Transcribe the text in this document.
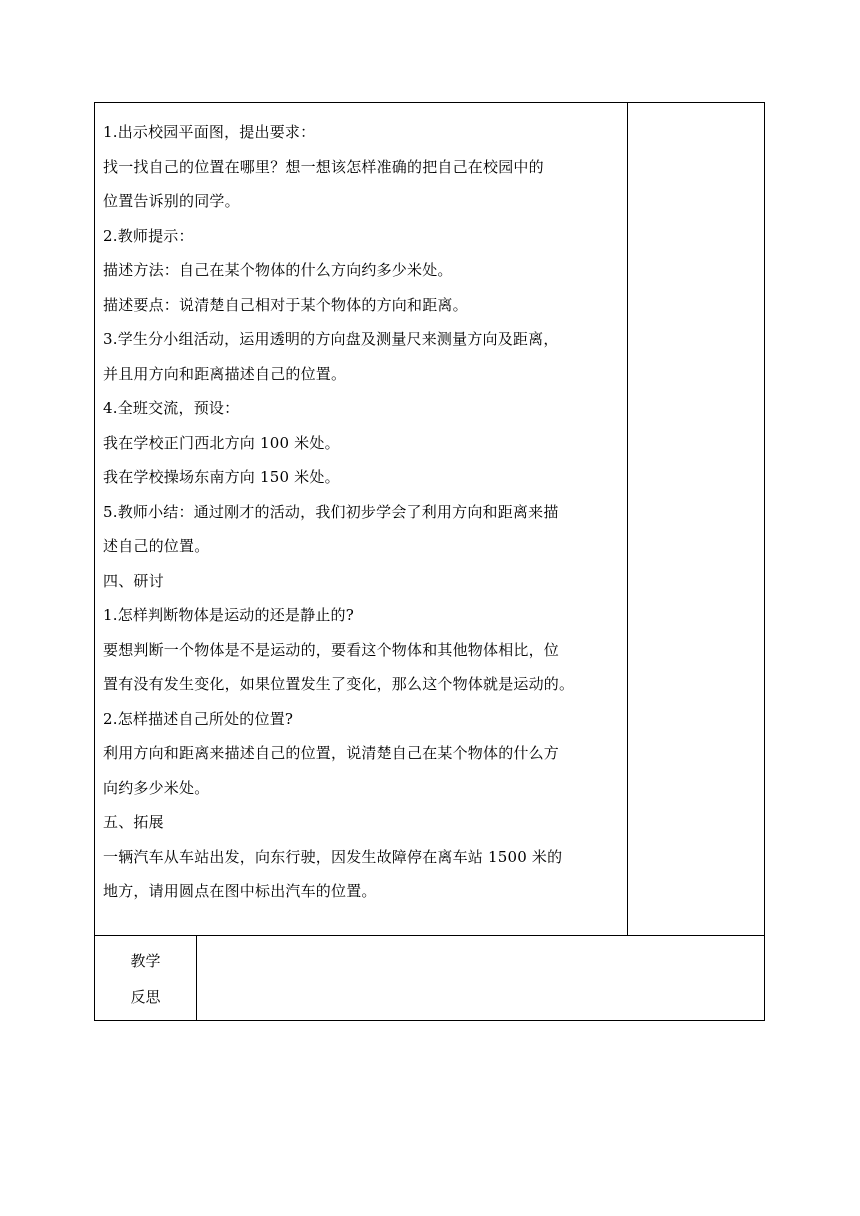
1.出示校园平面图，提出要求：
找一找自己的位置在哪里？想一想该怎样准确的把自己在校园中的
位置告诉别的同学。
2.教师提示：
描述方法：自己在某个物体的什么方向约多少米处。
描述要点：说清楚自己相对于某个物体的方向和距离。
3.学生分小组活动，运用透明的方向盘及测量尺来测量方向及距离，
并且用方向和距离描述自己的位置。
4.全班交流，预设：
我在学校正门西北方向 100 米处。
我在学校操场东南方向 150 米处。
5.教师小结：通过刚才的活动，我们初步学会了利用方向和距离来描
述自己的位置。
四、研讨
1.怎样判断物体是运动的还是静止的?
要想判断一个物体是不是运动的，要看这个物体和其他物体相比，位
置有没有发生变化，如果位置发生了变化，那么这个物体就是运动的。
2.怎样描述自己所处的位置?
利用方向和距离来描述自己的位置，说清楚自己在某个物体的什么方
向约多少米处。
五、拓展
一辆汽车从车站出发，向东行驶，因发生故障停在离车站 1500 米的
地方，请用圆点在图中标出汽车的位置。
教学
反思
